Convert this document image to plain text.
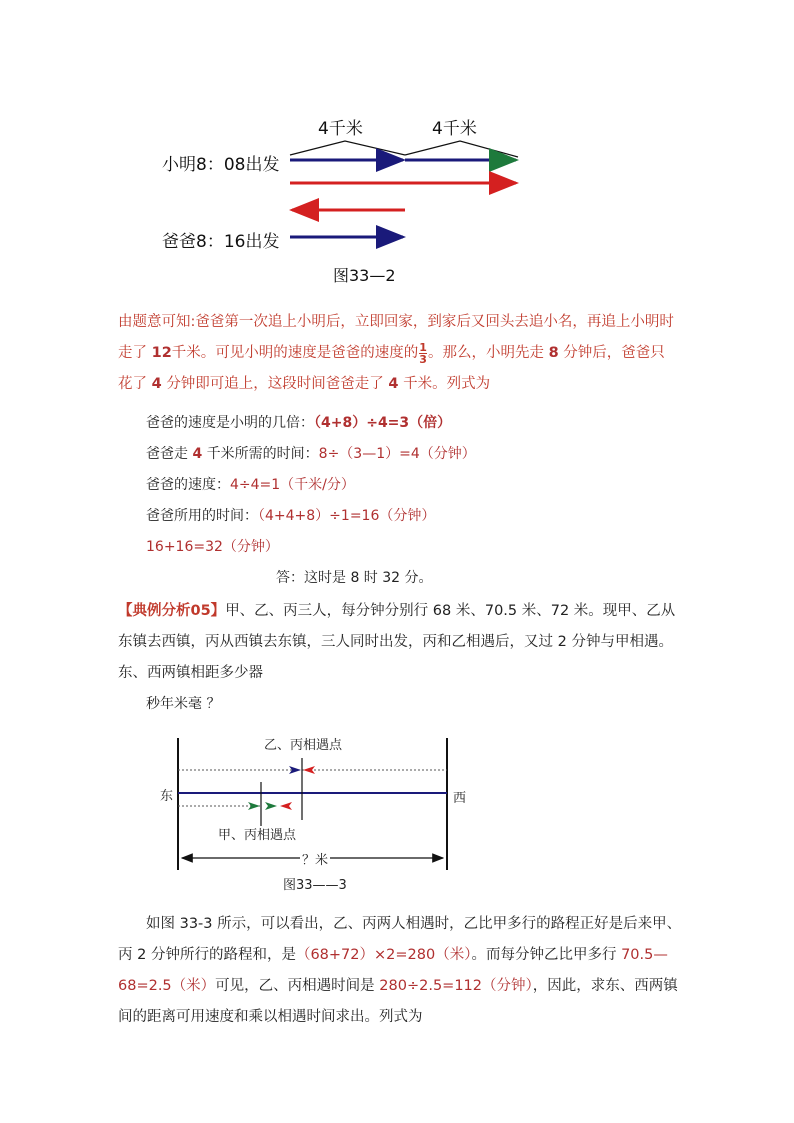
4千米	4千米
小明8：08出发
爸爸8：16出发
图33—2
由题意可知:爸爸第一次追上小明后，立即回家，到家后又回头去追小名，再追上小明时走了 12千米。可见小明的速度是爸爸的速度的 $\frac{1}{3}$ 。那么，小明先走 8 分钟后，爸爸只花了 4 分钟即可追上，这段时间爸爸走了 4 千米。列式为
爸爸的速度是小明的几倍：（4+8）÷4=3（倍）
爸爸走 4 千米所需的时间：8÷（3—1）=4（分钟）
爸爸的速度：4÷4=1（千米/分）
爸爸所用的时间：（4+4+8）÷1=16（分钟）
16+16=32（分钟）
答：这时是 8 时 32 分。
【典例分析05】甲、乙、丙三人，每分钟分别行 68 米、70.5 米、72 米。现甲、乙从东镇去西镇，丙从西镇去东镇，三人同时出发，丙和乙相遇后，又过 2 分钟与甲相遇。东、西两镇相距多少器
秒年米毫 ？
乙、丙相遇点
甲、丙相遇点
东	西
？米
图33——3
如图 33-3 所示，可以看出，乙、丙两人相遇时，乙比甲多行的路程正好是后来甲、丙 2 分钟所行的路程和，是（68+72）×2=280（米）。而每分钟乙比甲多行 70.5—68=2.5（米）可见，乙、丙相遇时间是 280÷2.5=112（分钟），因此，求东、西两镇间的距离可用速度和乘以相遇时间求出。列式为
